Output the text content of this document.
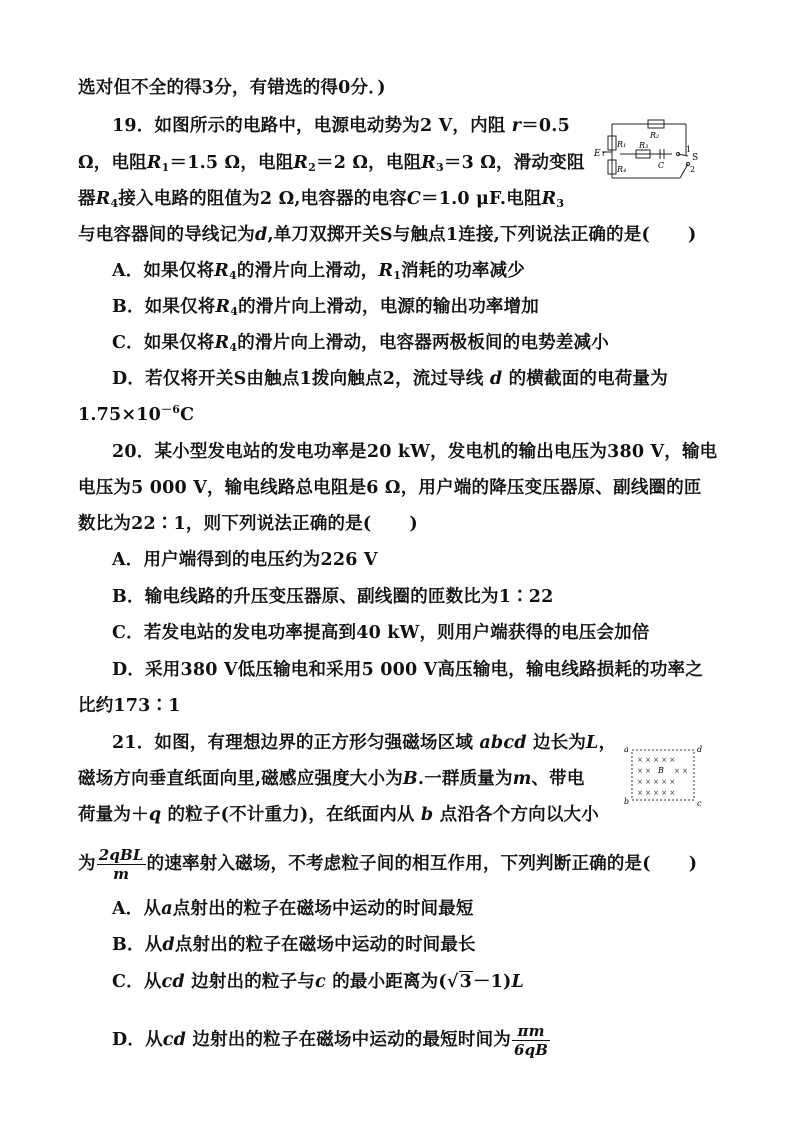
选对但不全的得3分，有错选的得0分．)
19．如图所示的电路中，电源电动势为2 V，内阻 r＝0.5
Ω，电阻$R_1=1.5$ Ω，电阻$R_2=2$ Ω，电阻$R_3=3$ Ω，滑动变阻
器$R_4$接入电路的阻值为2 Ω,电容器的电容C＝1.0 μF.电阻$R_3$
与电容器间的导线记为d,单刀双掷开关S与触点1连接,下列说法正确的是( )
E r
R₁
R₄
R₂
R₃
C
S
1
2
A．如果仅将$R_4$的滑片向上滑动，$R_1$消耗的功率减少
B．如果仅将$R_4$的滑片向上滑动，电源的输出功率增加
C．如果仅将$R_4$的滑片向上滑动，电容器两极板间的电势差减小
D．若仅将开关S由触点1拨向触点2，流过导线 d 的横截面的电荷量为
$1.75\times 10^{-6}C$
20．某小型发电站的发电功率是20 kW，发电机的输出电压为380 V，输电
电压为5 000 V，输电线路总电阻是6 Ω，用户端的降压变压器原、副线圈的匝
数比为22∶1，则下列说法正确的是( )
A．用户端得到的电压约为226 V
B．输电线路的升压变压器原、副线圈的匝数比为1∶22
C．若发电站的发电功率提高到40 kW，则用户端获得的电压会加倍
D．采用380 V低压输电和采用5 000 V高压输电，输电线路损耗的功率之
比约173∶1
21．如图，有理想边界的正方形匀强磁场区域 abcd 边长为L，
磁场方向垂直纸面向里,磁感应强度大小为B.一群质量为m、带电
荷量为＋q 的粒子(不计重力)，在纸面内从 b 点沿各个方向以大小
为 $\frac{\text{2qBL}}{m}$ 的速率射入磁场，不考虑粒子间的相互作用，下列判断正确的是( )
× × × × ×
× ×	× ×
× × × × ×
× × × × ×
B
a	d
b	c
A．从a点射出的粒子在磁场中运动的时间最短
B．从d点射出的粒子在磁场中运动的时间最长
C．从cd 边射出的粒子与c 的最小距离为(√3－1)L
D．从cd 边射出的粒子在磁场中运动的最短时间为 $\frac{\pi m}{6qB}$
